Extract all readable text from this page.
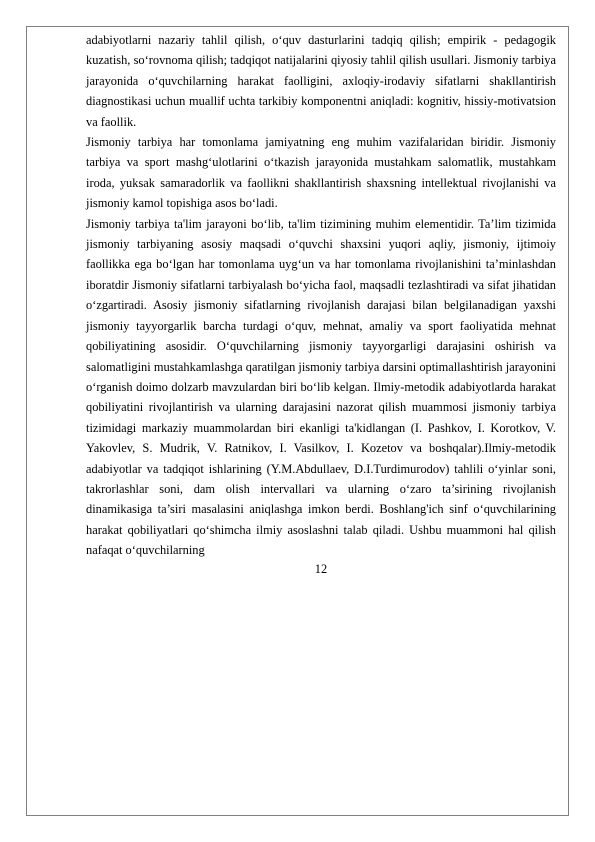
adabiyotlarni nazariy tahlil qilish, o‘quv dasturlarini tadqiq qilish; empirik - pedagogik kuzatish, so‘rovnoma qilish; tadqiqot natijalarini qiyosiy tahlil qilish usullari. Jismoniy tarbiya jarayonida o‘quvchilarning harakat faolligini, axloqiy-irodaviy sifatlarni shakllantirish diagnostikasi uchun muallif uchta tarkibiy komponentni aniqladi: kognitiv, hissiy-motivatsion va faollik.

Jismoniy tarbiya har tomonlama jamiyatning eng muhim vazifalaridan biridir. Jismoniy tarbiya va sport mashg‘ulotlarini o‘tkazish jarayonida mustahkam salomatlik, mustahkam iroda, yuksak samaradorlik va faollikni shakllantirish shaxsning intellektual rivojlanishi va jismoniy kamol topishiga asos bo‘ladi.

Jismoniy tarbiya ta'lim jarayoni bo‘lib, ta'lim tizimining muhim elementidir. Ta’lim tizimida jismoniy tarbiyaning asosiy maqsadi o‘quvchi shaxsini yuqori aqliy, jismoniy, ijtimoiy faollikka ega bo‘lgan har tomonlama uyg‘un va har tomonlama rivojlanishini ta’minlashdan iboratdir Jismoniy sifatlarni tarbiyalash bo‘yicha faol, maqsadli tezlashtiradi va sifat jihatidan o‘zgartiradi. Asosiy jismoniy sifatlarning rivojlanish darajasi bilan belgilanadigan yaxshi jismoniy tayyorgarlik barcha turdagi o‘quv, mehnat, amaliy va sport faoliyatida mehnat qobiliyatining asosidir. O‘quvchilarning jismoniy tayyorgarligi darajasini oshirish va salomatligini mustahkamlashga qaratilgan jismoniy tarbiya darsini optimallashtirish jarayonini o‘rganish doimo dolzarb mavzulardan biri bo‘lib kelgan. Ilmiy-metodik adabiyotlarda harakat qobiliyatini rivojlantirish va ularning darajasini nazorat qilish muammosi jismoniy tarbiya tizimidagi markaziy muammolardan biri ekanligi ta'kidlangan (I. Pashkov, I. Korotkov, V. Yakovlev, S. Mudrik, V. Ratnikov, I. Vasilkov, I. Kozetov va boshqalar).Ilmiy-metodik adabiyotlar va tadqiqot ishlarining (Y.M.Abdullaev, D.I.Turdimurodov) tahlili o‘yinlar soni, takrorlashlar soni, dam olish intervallari va ularning o‘zaro ta’sirining rivojlanish dinamikasiga ta’siri masalasini aniqlashga imkon berdi. Boshlang'ich sinf o‘quvchilarining harakat qobiliyatlari qo‘shimcha ilmiy asoslashni talab qiladi. Ushbu muammoni hal qilish nafaqat o‘quvchilarning

12
